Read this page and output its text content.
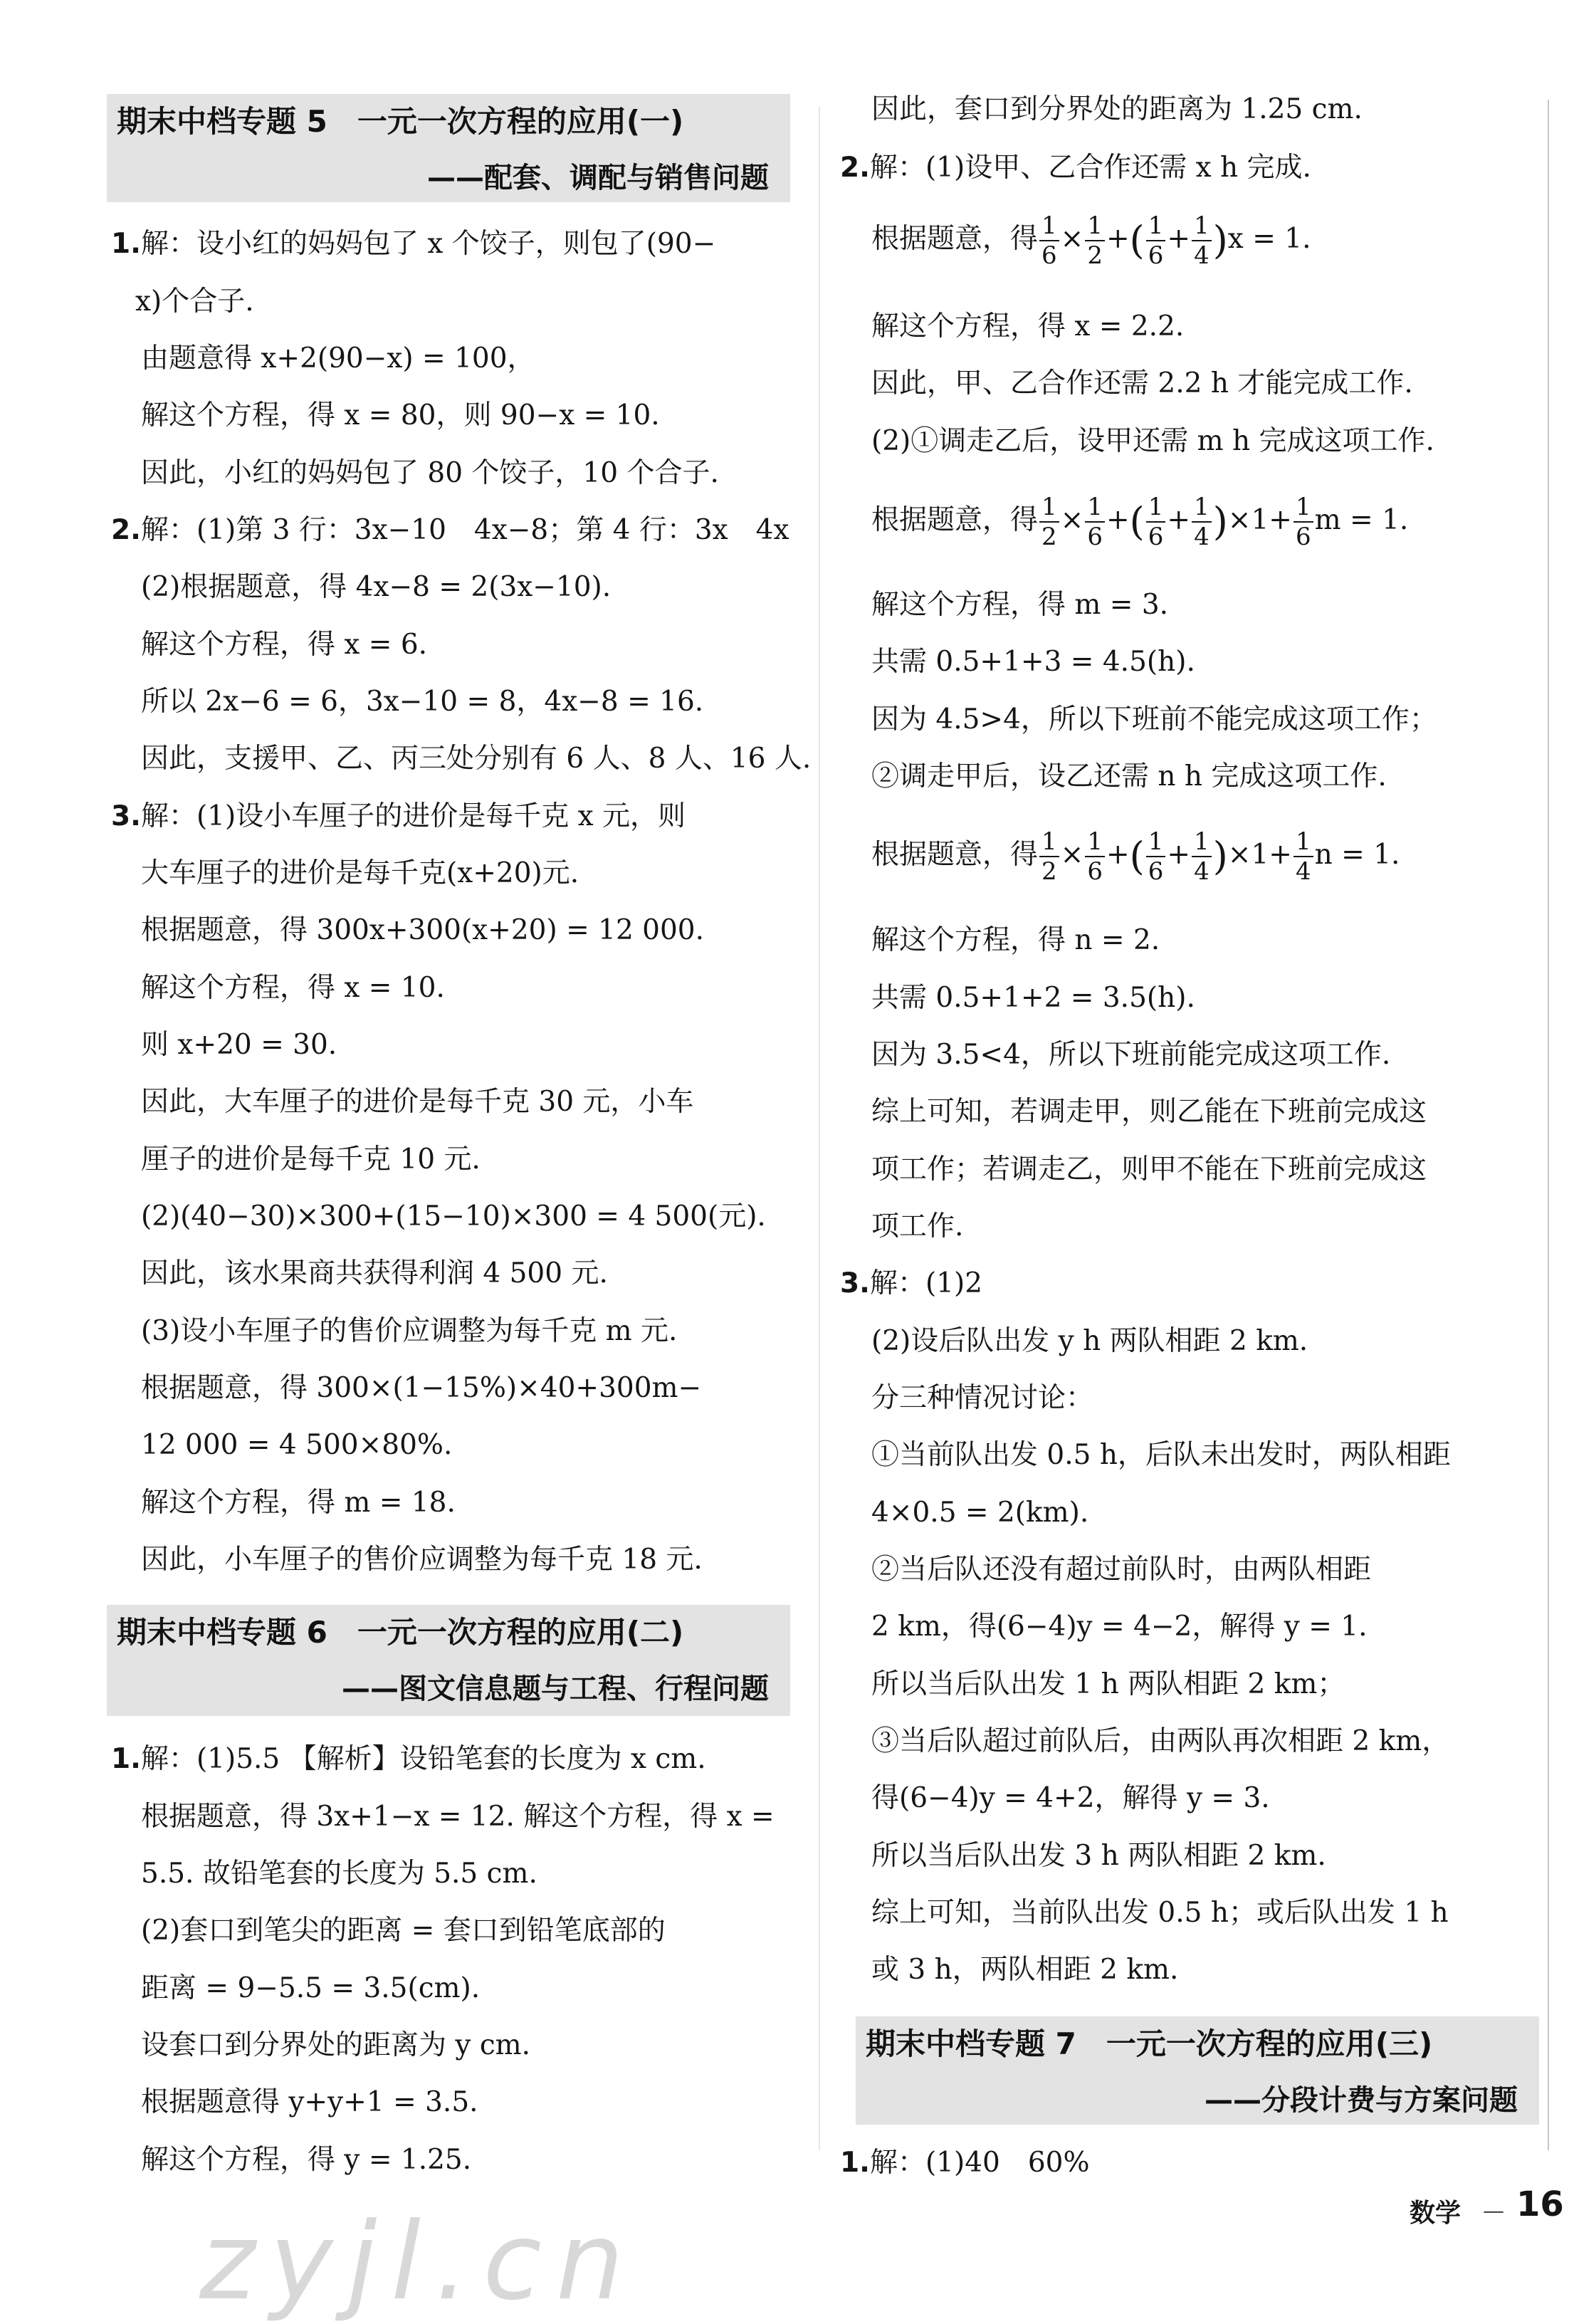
期末中档专题 5　一元一次方程的应用(一)
——配套、调配与销售问题
1.解：设小红的妈妈包了 x 个饺子，则包了(90−
x)个合子.
由题意得 x+2(90−x) = 100，
解这个方程，得 x = 80，则 90−x = 10.
因此，小红的妈妈包了 80 个饺子，10 个合子.
2.解：(1)第 3 行：3x−10　4x−8；第 4 行：3x　4x
(2)根据题意，得 4x−8 = 2(3x−10).
解这个方程，得 x = 6.
所以 2x−6 = 6，3x−10 = 8，4x−8 = 16.
因此，支援甲、乙、丙三处分别有 6 人、8 人、16 人.
3.解：(1)设小车厘子的进价是每千克 x 元，则
大车厘子的进价是每千克(x+20)元.
根据题意，得 300x+300(x+20) = 12 000.
解这个方程，得 x = 10.
则 x+20 = 30.
因此，大车厘子的进价是每千克 30 元，小车
厘子的进价是每千克 10 元.
(2)(40−30)×300+(15−10)×300 = 4 500(元).
因此，该水果商共获得利润 4 500 元.
(3)设小车厘子的售价应调整为每千克 m 元.
根据题意，得 300×(1−15%)×40+300m−
12 000 = 4 500×80%.
解这个方程，得 m = 18.
因此，小车厘子的售价应调整为每千克 18 元.
期末中档专题 6　一元一次方程的应用(二)
——图文信息题与工程、行程问题
1.解：(1)5.5 【解析】设铅笔套的长度为 x cm.
根据题意，得 3x+1−x = 12. 解这个方程，得 x =
5.5. 故铅笔套的长度为 5.5 cm.
(2)套口到笔尖的距离 = 套口到铅笔底部的
距离 = 9−5.5 = 3.5(cm).
设套口到分界处的距离为 y cm.
根据题意得 y+y+1 = 3.5.
解这个方程，得 y = 1.25.
因此，套口到分界处的距离为 1.25 cm.
2.解：(1)设甲、乙合作还需 x h 完成.
根据题意，得 $\frac{1}{6} \times \frac{1}{2}$ +( $\frac{1}{6} + \frac{1}{4} )x = 1$.
解这个方程，得 x = 2.2.
因此，甲、乙合作还需 2.2 h 才能完成工作.
(2)①调走乙后，设甲还需 m h 完成这项工作.
根据题意，得 $\frac{1}{2} \times \frac{1}{6}$ +( $\frac{1}{6} + \frac{1}{4} )\times 1+ \frac{1}{6}$ m = 1.
解这个方程，得 m = 3.
共需 0.5+1+3 = 4.5(h).
因为 4.5>4，所以下班前不能完成这项工作；
②调走甲后，设乙还需 n h 完成这项工作.
根据题意，得 $\frac{1}{2} \times \frac{1}{6}$ +( $\frac{1}{6} + \frac{1}{4} )\times 1+ \frac{1}{4}$ n = 1.
解这个方程，得 n = 2.
共需 0.5+1+2 = 3.5(h).
因为 3.5<4，所以下班前能完成这项工作.
综上可知，若调走甲，则乙能在下班前完成这
项工作；若调走乙，则甲不能在下班前完成这
项工作.
3.解：(1)2
(2)设后队出发 y h 两队相距 2 km.
分三种情况讨论：
①当前队出发 0.5 h，后队未出发时，两队相距
4×0.5 = 2(km).
②当后队还没有超过前队时，由两队相距
2 km，得(6−4)y = 4−2，解得 y = 1.
所以当后队出发 1 h 两队相距 2 km；
③当后队超过前队后，由两队再次相距 2 km，
得(6−4)y = 4+2，解得 y = 3.
所以当后队出发 3 h 两队相距 2 km.
综上可知，当前队出发 0.5 h；或后队出发 1 h
或 3 h，两队相距 2 km.
期末中档专题 7　一元一次方程的应用(三)
——分段计费与方案问题
1.解：(1)40　60%
数学 － 16
zyjl.cn
